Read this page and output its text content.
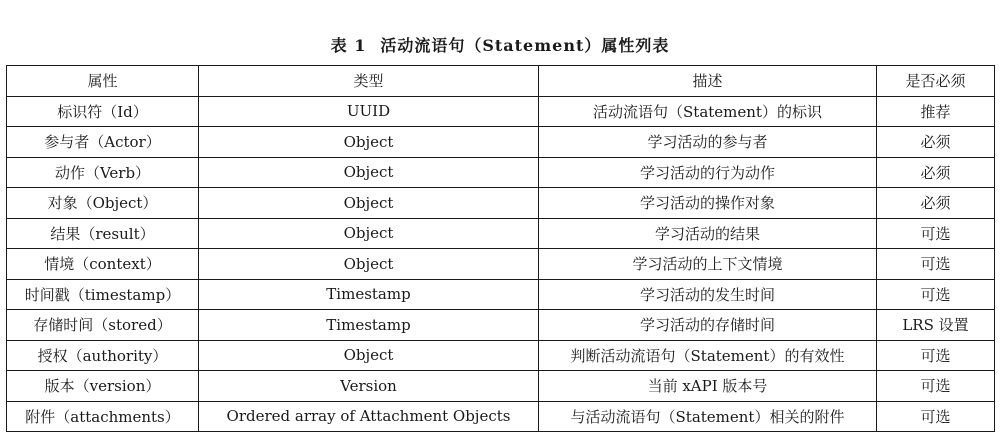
表 1 活动流语句（Statement）属性列表
属性	类型	描述	是否必须
标识符（Id）	UUID	活动流语句（Statement）的标识	推荐
参与者（Actor）	Object	学习活动的参与者	必须
动作（Verb）	Object	学习活动的行为动作	必须
对象（Object）	Object	学习活动的操作对象	必须
结果（result）	Object	学习活动的结果	可选
情境（context）	Object	学习活动的上下文情境	可选
时间戳（timestamp）	Timestamp	学习活动的发生时间	可选
存储时间（stored）	Timestamp	学习活动的存储时间	LRS 设置
授权（authority）	Object	判断活动流语句（Statement）的有效性	可选
版本（version）	Version	当前 xAPI 版本号	可选
附件（attachments）	Ordered array of Attachment Objects	与活动流语句（Statement）相关的附件	可选
